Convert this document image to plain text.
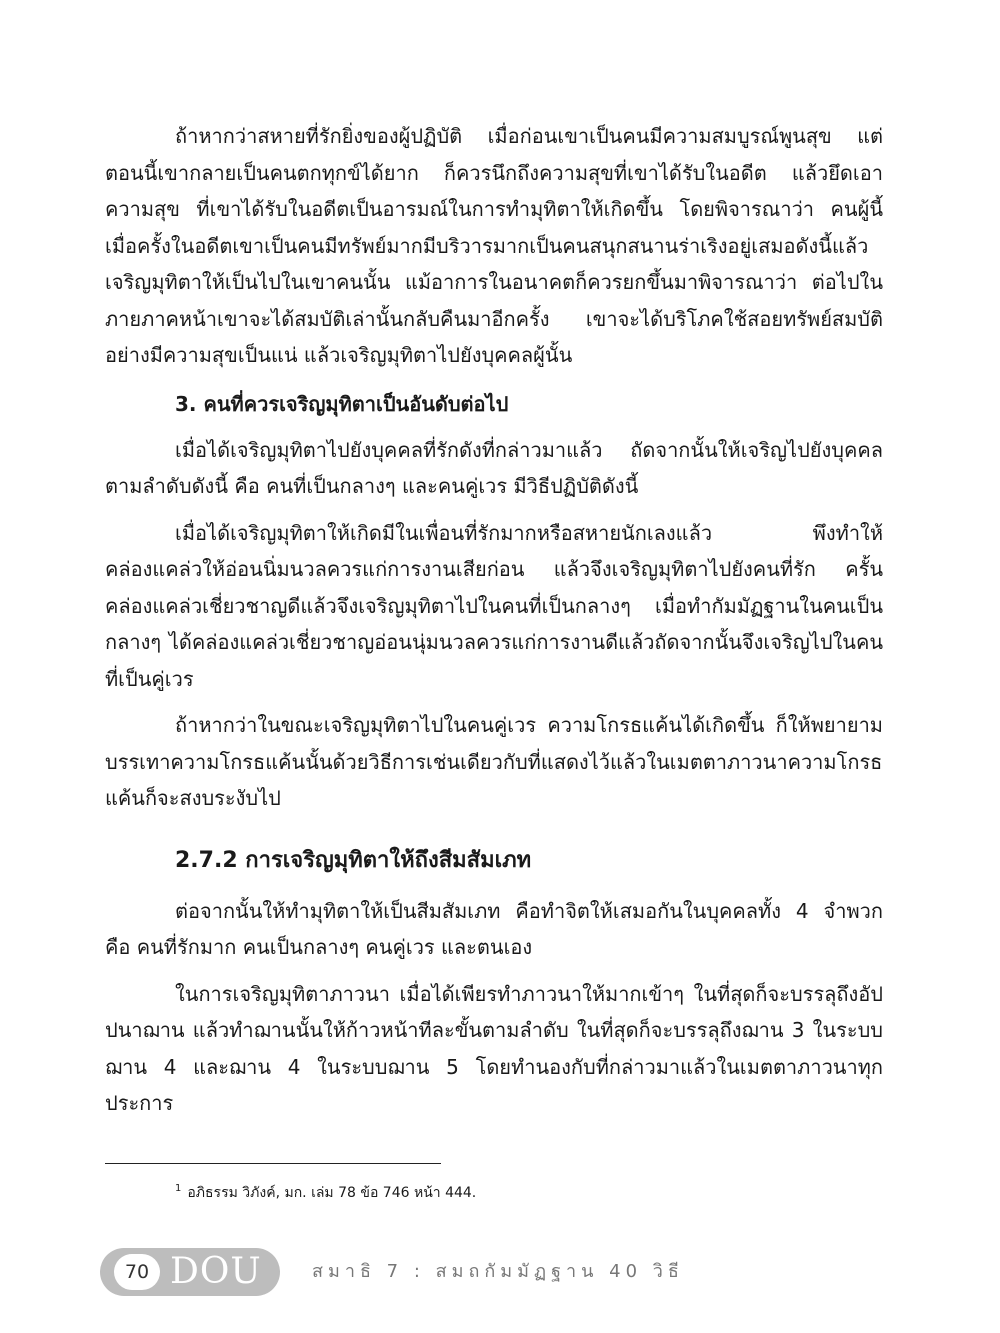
ถ้าหากว่าสหายที่รักยิ่งของผู้ปฏิบัติ เมื่อก่อนเขาเป็นคนมีความสมบูรณ์พูนสุข แต่ตอนนี้เขากลายเป็นคนตกทุกข์ได้ยาก ก็ควรนึกถึงความสุขที่เขาได้รับในอดีต แล้วยึดเอาความสุข ที่เขาได้รับในอดีตเป็นอารมณ์ในการทำมุทิตาให้เกิดขึ้น โดยพิจารณาว่า คนผู้นี้เมื่อครั้งในอดีตเขาเป็นคนมีทรัพย์มากมีบริวารมากเป็นคนสนุกสนานร่าเริงอยู่เสมอดังนี้แล้วเจริญมุทิตาให้เป็นไปในเขาคนนั้น แม้อาการในอนาคตก็ควรยกขึ้นมาพิจารณาว่า ต่อไปในภายภาคหน้าเขาจะได้สมบัติเล่านั้นกลับคืนมาอีกครั้ง เขาจะได้บริโภคใช้สอยทรัพย์สมบัติอย่างมีความสุขเป็นแน่ แล้วเจริญมุทิตาไปยังบุคคลผู้นั้น

3. คนที่ควรเจริญมุทิตาเป็นอันดับต่อไป

เมื่อได้เจริญมุทิตาไปยังบุคคลที่รักดังที่กล่าวมาแล้ว ถัดจากนั้นให้เจริญไปยังบุคคลตามลำดับดังนี้ คือ คนที่เป็นกลางๆ และคนคู่เวร มีวิธีปฏิบัติดังนี้

เมื่อได้เจริญมุทิตาให้เกิดมีในเพื่อนที่รักมากหรือสหายนักเลงแล้ว พึงทำให้คล่องแคล่วให้อ่อนนิ่มนวลควรแก่การงานเสียก่อน แล้วจึงเจริญมุทิตาไปยังคนที่รัก ครั้นคล่องแคล่วเชี่ยวชาญดีแล้วจึงเจริญมุทิตาไปในคนที่เป็นกลางๆ เมื่อทำกัมมัฏฐานในคนเป็นกลางๆ ได้คล่องแคล่วเชี่ยวชาญอ่อนนุ่มนวลควรแก่การงานดีแล้วถัดจากนั้นจึงเจริญไปในคนที่เป็นคู่เวร

ถ้าหากว่าในขณะเจริญมุทิตาไปในคนคู่เวร ความโกรธแค้นได้เกิดขึ้น ก็ให้พยายามบรรเทาความโกรธแค้นนั้นด้วยวิธีการเช่นเดียวกับที่แสดงไว้แล้วในเมตตาภาวนาความโกรธแค้นก็จะสงบระงับไป

2.7.2 การเจริญมุทิตาให้ถึงสีมสัมเภท

ต่อจากนั้นให้ทำมุทิตาให้เป็นสีมสัมเภท คือทำจิตให้เสมอกันในบุคคลทั้ง 4 จำพวก คือ คนที่รักมาก คนเป็นกลางๆ คนคู่เวร และตนเอง

ในการเจริญมุทิตาภาวนา เมื่อได้เพียรทำภาวนาให้มากเข้าๆ ในที่สุดก็จะบรรลุถึงอัปปนาฌาน แล้วทำฌานนั้นให้ก้าวหน้าทีละขั้นตามลำดับ ในที่สุดก็จะบรรลุถึงฌาน 3 ในระบบฌาน 4 และฌาน 4 ในระบบฌาน 5 โดยทำนองกับที่กล่าวมาแล้วในเมตตาภาวนาทุกประการ

$^1$ อภิธรรม วิภังค์, มก. เล่ม 78 ข้อ 746 หน้า 444.
70 DOU	สมาธิ 7 : สมถกัมมัฏฐาน 40 วิธี
